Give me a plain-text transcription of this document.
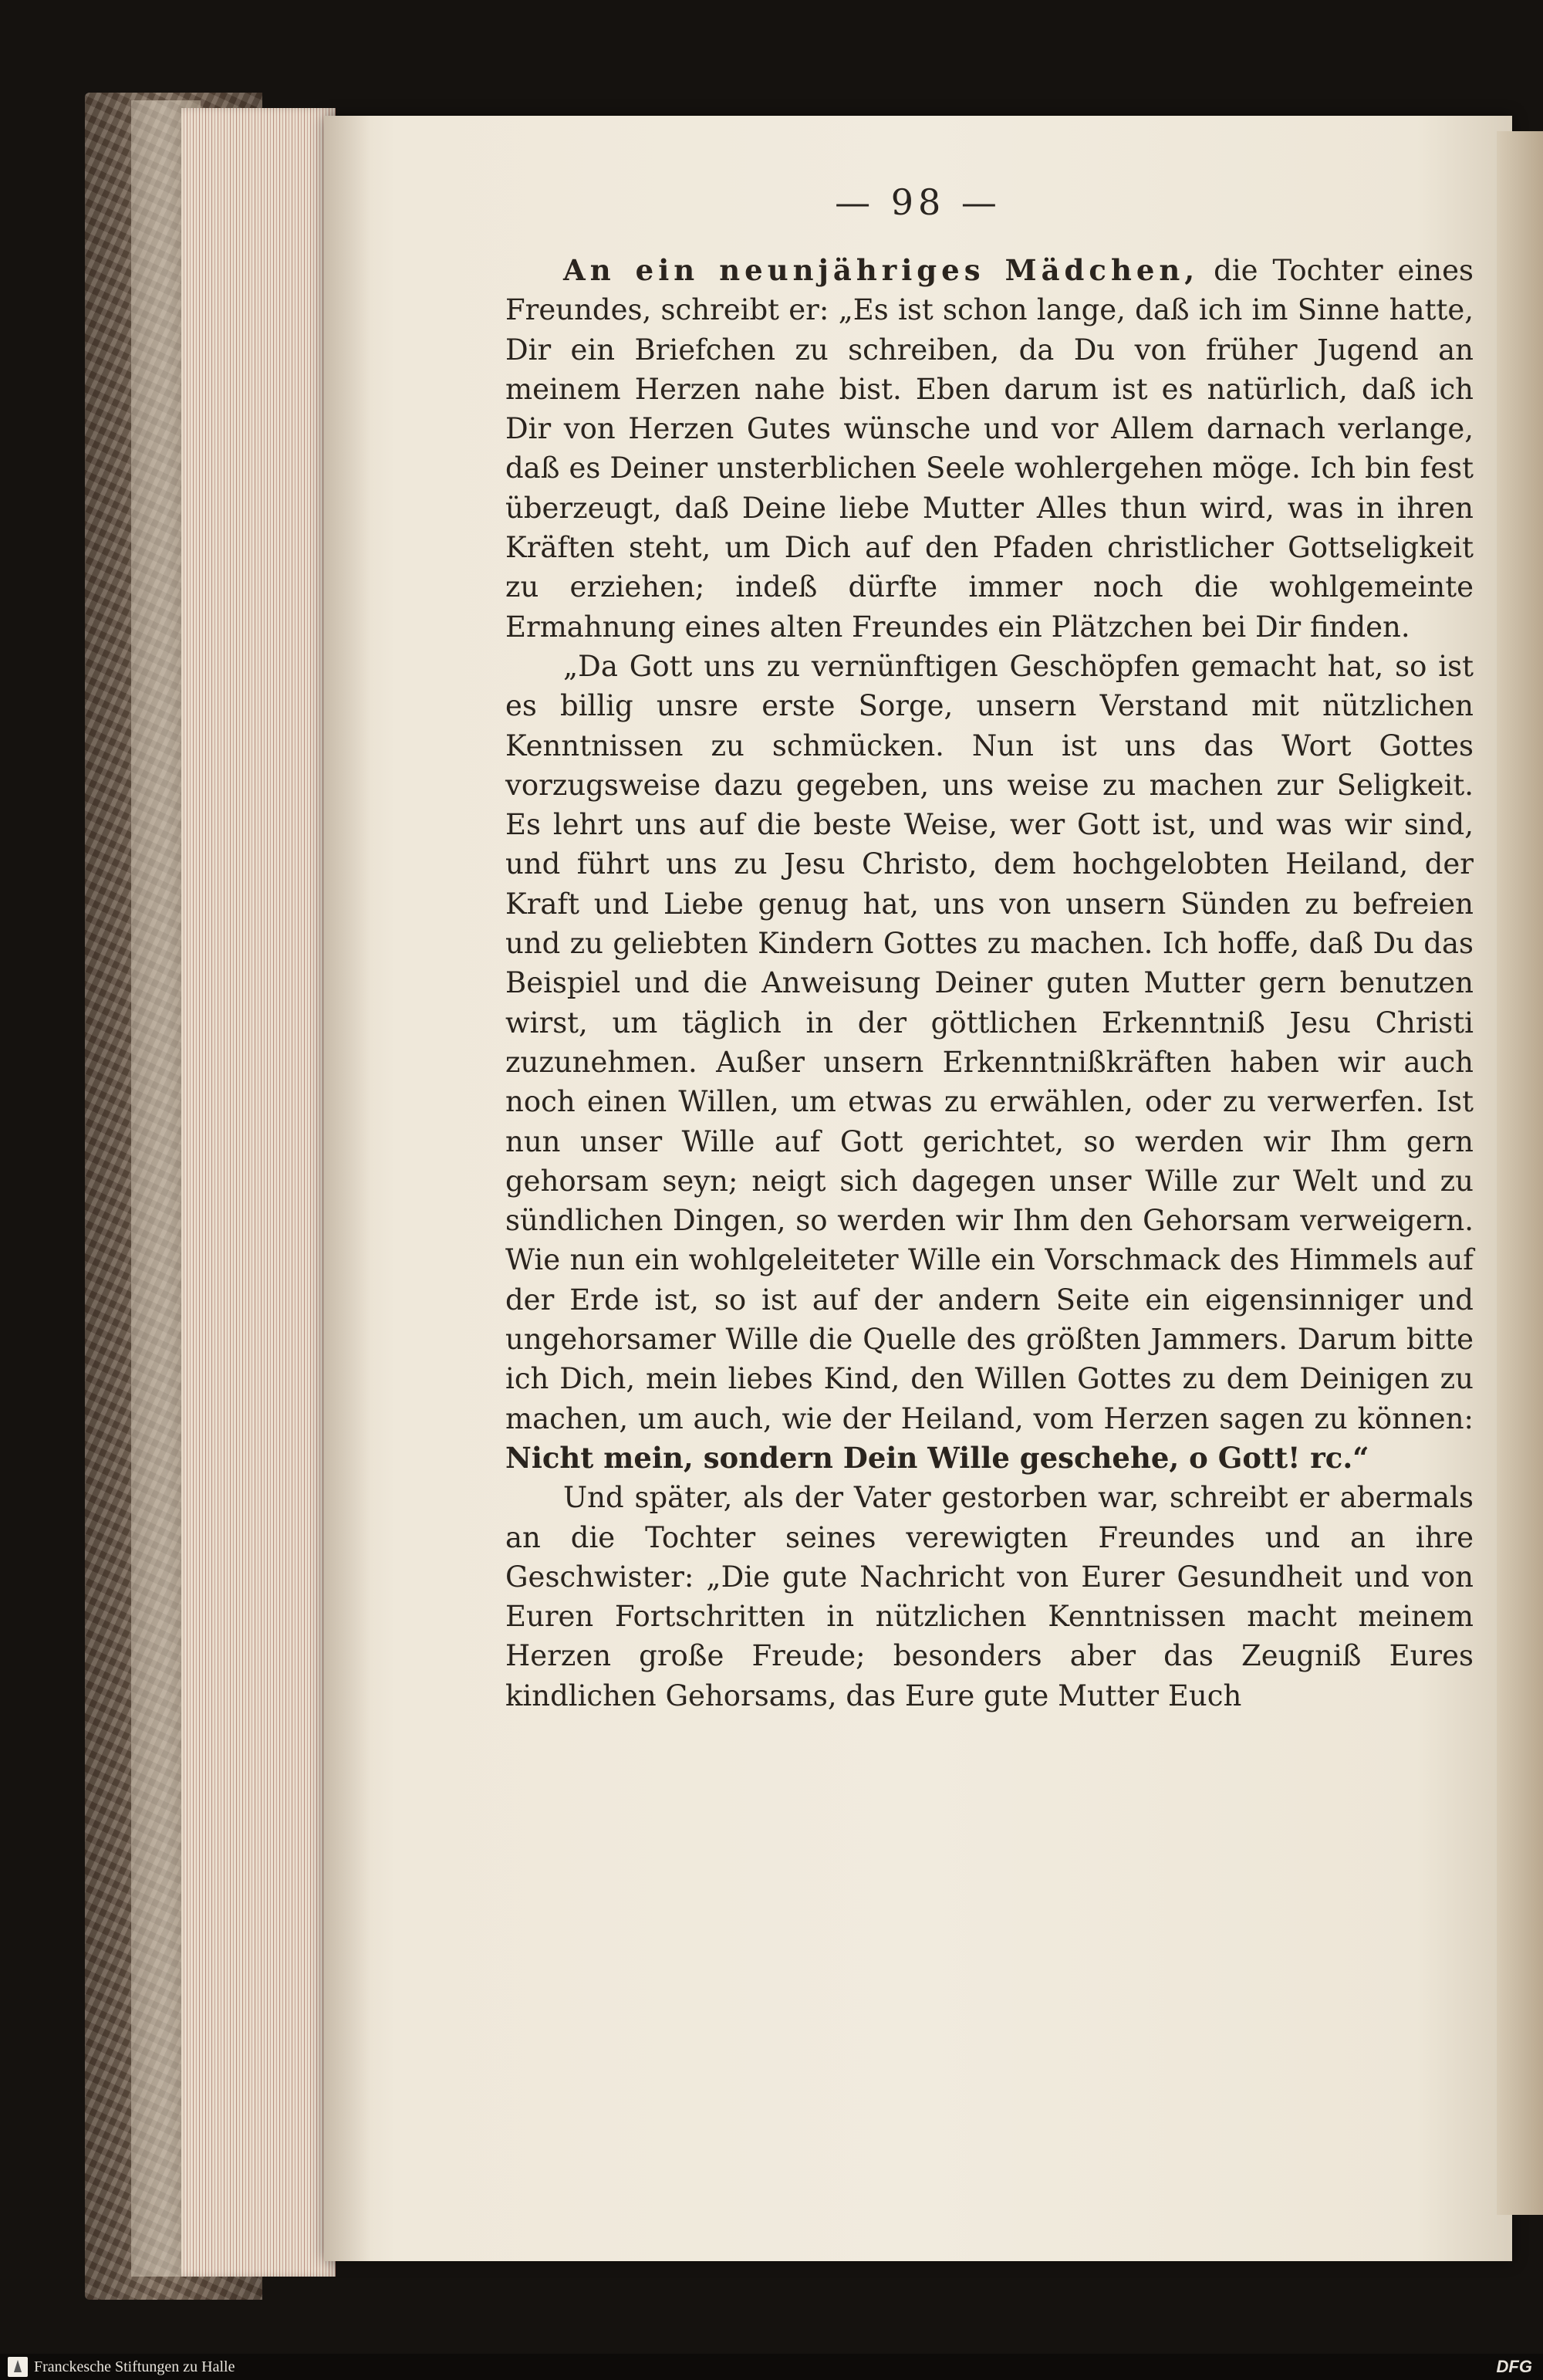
— 98 —

An ein neunjähriges Mädchen, die Tochter eines Freundes, schreibt er: „Es ist schon lange, daß ich im Sinne hatte, Dir ein Briefchen zu schreiben, da Du von früher Jugend an meinem Herzen nahe bist. Eben darum ist es natürlich, daß ich Dir von Herzen Gutes wünsche und vor Allem darnach verlange, daß es Deiner unsterblichen Seele wohlergehen möge. Ich bin fest überzeugt, daß Deine liebe Mutter Alles thun wird, was in ihren Kräften steht, um Dich auf den Pfaden christlicher Gottseligkeit zu erziehen; indeß dürfte immer noch die wohlgemeinte Ermahnung eines alten Freundes ein Plätzchen bei Dir finden.

„Da Gott uns zu vernünftigen Geschöpfen gemacht hat, so ist es billig unsre erste Sorge, unsern Verstand mit nützlichen Kenntnissen zu schmücken. Nun ist uns das Wort Gottes vorzugsweise dazu gegeben, uns weise zu machen zur Seligkeit. Es lehrt uns auf die beste Weise, wer Gott ist, und was wir sind, und führt uns zu Jesu Christo, dem hochgelobten Heiland, der Kraft und Liebe genug hat, uns von unsern Sünden zu befreien und zu geliebten Kindern Gottes zu machen. Ich hoffe, daß Du das Beispiel und die Anweisung Deiner guten Mutter gern benutzen wirst, um täglich in der göttlichen Erkenntniß Jesu Christi zuzunehmen. Außer unsern Erkenntnißkräften haben wir auch noch einen Willen, um etwas zu erwählen, oder zu verwerfen. Ist nun unser Wille auf Gott gerichtet, so werden wir Ihm gern gehorsam seyn; neigt sich dagegen unser Wille zur Welt und zu sündlichen Dingen, so werden wir Ihm den Gehorsam verweigern. Wie nun ein wohlgeleiteter Wille ein Vorschmack des Himmels auf der Erde ist, so ist auf der andern Seite ein eigensinniger und ungehorsamer Wille die Quelle des größten Jammers. Darum bitte ich Dich, mein liebes Kind, den Willen Gottes zu dem Deinigen zu machen, um auch, wie der Heiland, vom Herzen sagen zu können: Nicht mein, sondern Dein Wille geschehe, o Gott! rc.“

Und später, als der Vater gestorben war, schreibt er abermals an die Tochter seines verewigten Freundes und an ihre Geschwister: „Die gute Nachricht von Eurer Gesundheit und von Euren Fortschritten in nützlichen Kenntnissen macht meinem Herzen große Freude; besonders aber das Zeugniß Eures kindlichen Gehorsams, das Eure gute Mutter Euch

Franckesche Stiftungen zu Halle	DFG
